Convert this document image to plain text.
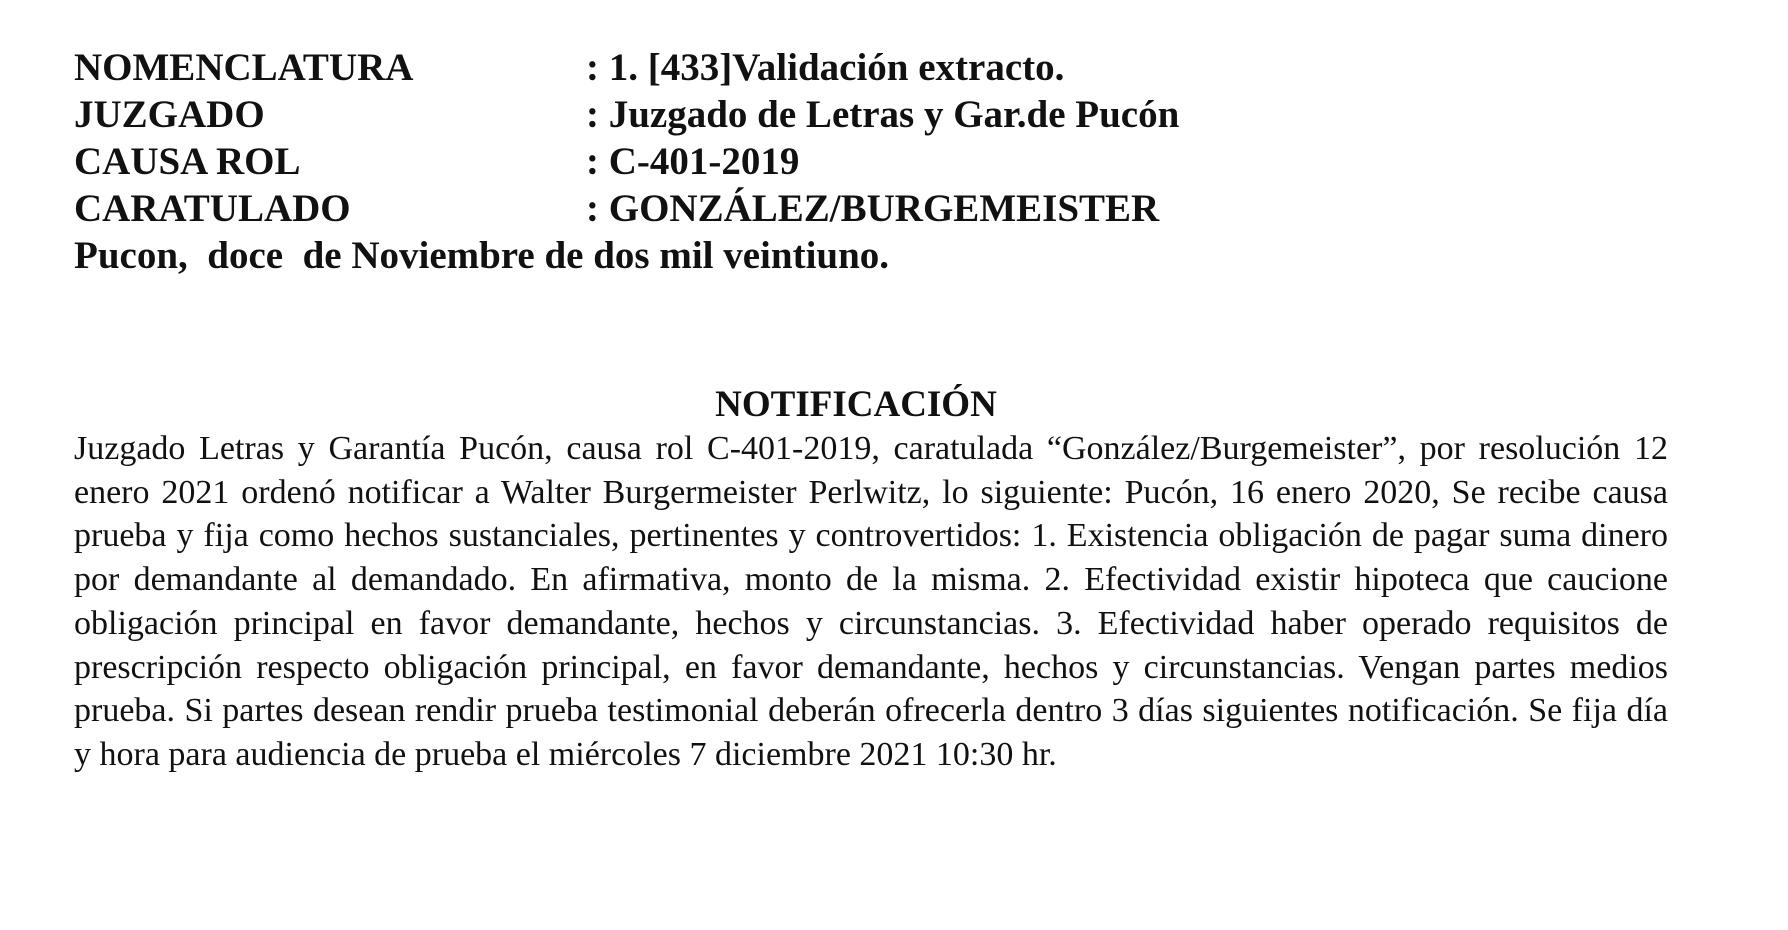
NOMENCLATURA	: 1. [433]Validación extracto.
JUZGADO	: Juzgado de Letras y Gar.de Pucón
CAUSA ROL	: C-401-2019
CARATULADO	: GONZÁLEZ/BURGEMEISTER
Pucon,  doce  de Noviembre de dos mil veintiuno.
NOTIFICACIÓN
Juzgado Letras y Garantía Pucón, causa rol C-401-2019, caratulada “González/Burgemeister”, por resolución 12 enero 2021 ordenó notificar a Walter Burgermeister Perlwitz, lo siguiente: Pucón, 16 enero 2020, Se recibe causa prueba y fija como hechos sustanciales, pertinentes y controvertidos: 1. Existencia obligación de pagar suma dinero por demandante al demandado. En afirmativa, monto de la misma. 2. Efectividad existir hipoteca que caucione obligación principal en favor demandante, hechos y circunstancias. 3. Efectividad haber operado requisitos de prescripción respecto obligación principal, en favor demandante, hechos y circunstancias. Vengan partes medios prueba. Si partes desean rendir prueba testimonial deberán ofrecerla dentro 3 días siguientes notificación. Se fija día y hora para audiencia de prueba el miércoles 7 diciembre 2021 10:30 hr.
